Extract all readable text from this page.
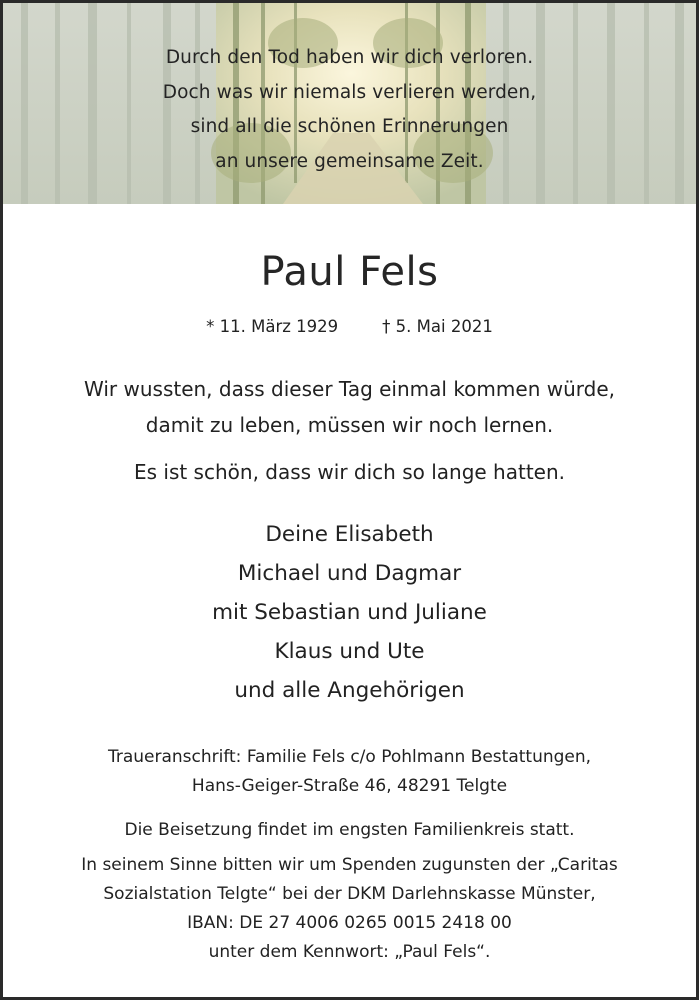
Durch den Tod haben wir dich verloren.
Doch was wir niemals verlieren werden,
sind all die schönen Erinnerungen
an unsere gemeinsame Zeit.
Paul Fels
* 11. März 1929	† 5. Mai 2021
Wir wussten, dass dieser Tag einmal kommen würde,
damit zu leben, müssen wir noch lernen.
Es ist schön, dass wir dich so lange hatten.
Deine Elisabeth
Michael und Dagmar
mit Sebastian und Juliane
Klaus und Ute
und alle Angehörigen
Traueranschrift: Familie Fels c/o Pohlmann Bestattungen,
Hans-Geiger-Straße 46, 48291 Telgte
Die Beisetzung findet im engsten Familienkreis statt.
In seinem Sinne bitten wir um Spenden zugunsten der „Caritas
Sozialstation Telgte“ bei der DKM Darlehnskasse Münster,
IBAN: DE 27 4006 0265 0015 2418 00
unter dem Kennwort: „Paul Fels“.
